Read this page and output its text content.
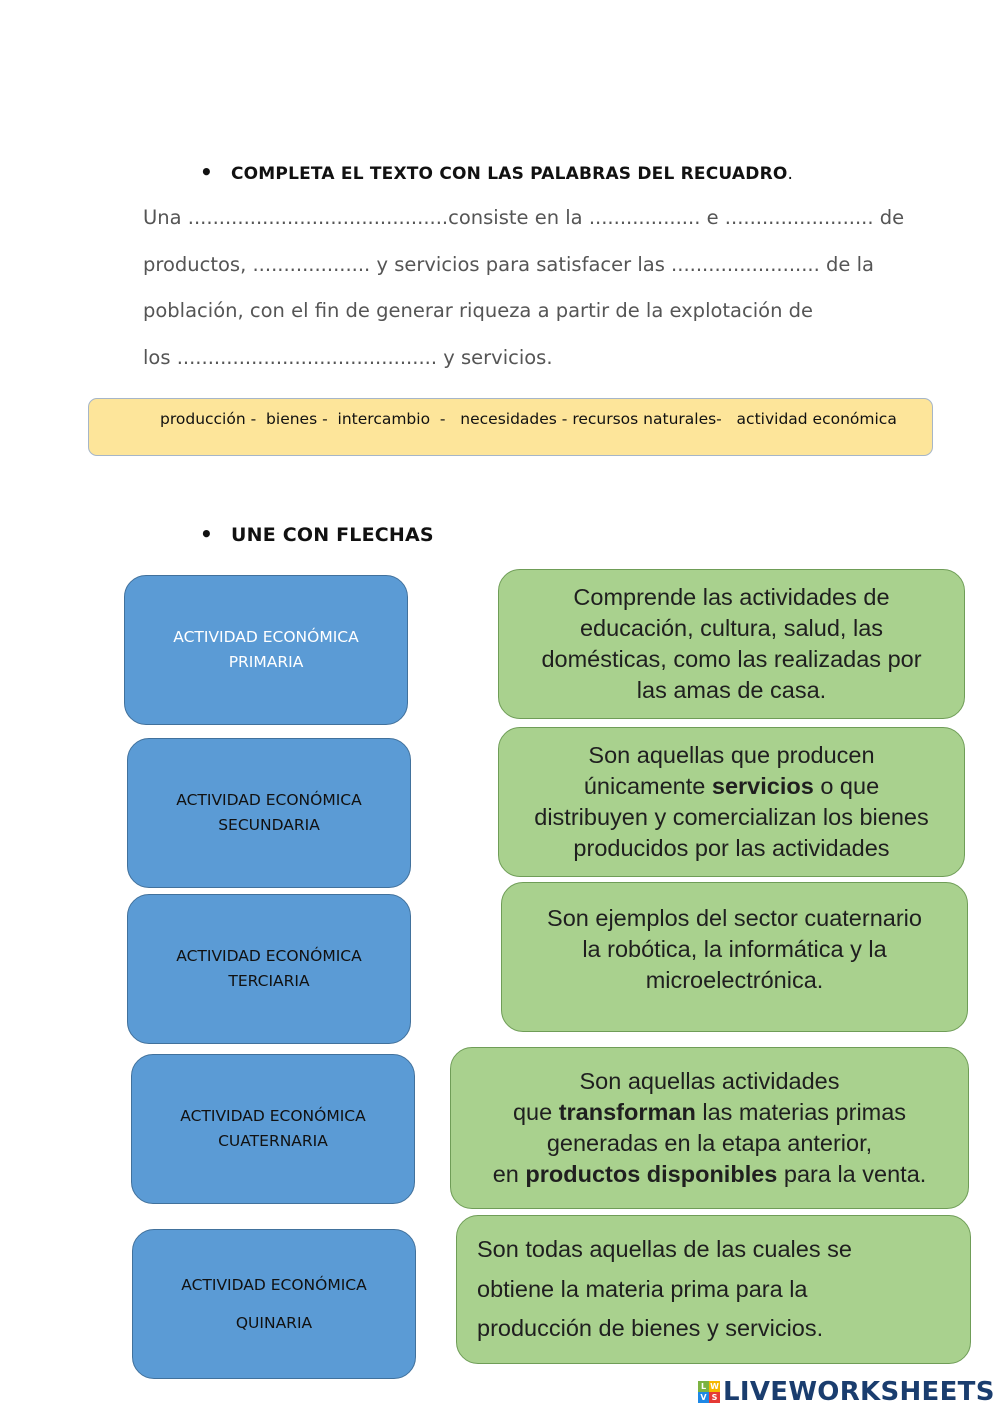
• COMPLETA EL TEXTO CON LAS PALABRAS DEL RECUADRO.
Una ..........................................consiste en la .................. e ........................ de
productos, ................... y servicios para satisfacer las ........................ de la
población, con el fin de generar riqueza a partir de la explotación de
los .......................................... y servicios.
producción -  bienes -  intercambio  -   necesidades - recursos naturales-   actividad económica
• UNE CON FLECHAS
ACTIVIDAD ECONÓMICA
PRIMARIA
ACTIVIDAD ECONÓMICA
SECUNDARIA
ACTIVIDAD ECONÓMICA
TERCIARIA
ACTIVIDAD ECONÓMICA
CUATERNARIA
ACTIVIDAD ECONÓMICA
QUINARIA
Comprende las actividades de
educación, cultura, salud, las
domésticas, como las realizadas por
las amas de casa.
Son aquellas que producen
únicamente servicios o que
distribuyen y comercializan los bienes
producidos por las actividades
Son ejemplos del sector cuaternario
la robótica, la informática y la
microelectrónica.
Son aquellas actividades
que transforman las materias primas
generadas en la etapa anterior,
en productos disponibles para la venta.
Son todas aquellas de las cuales se
obtiene la materia prima para la
producción de bienes y servicios.
L W
V S LIVEWORKSHEETS
